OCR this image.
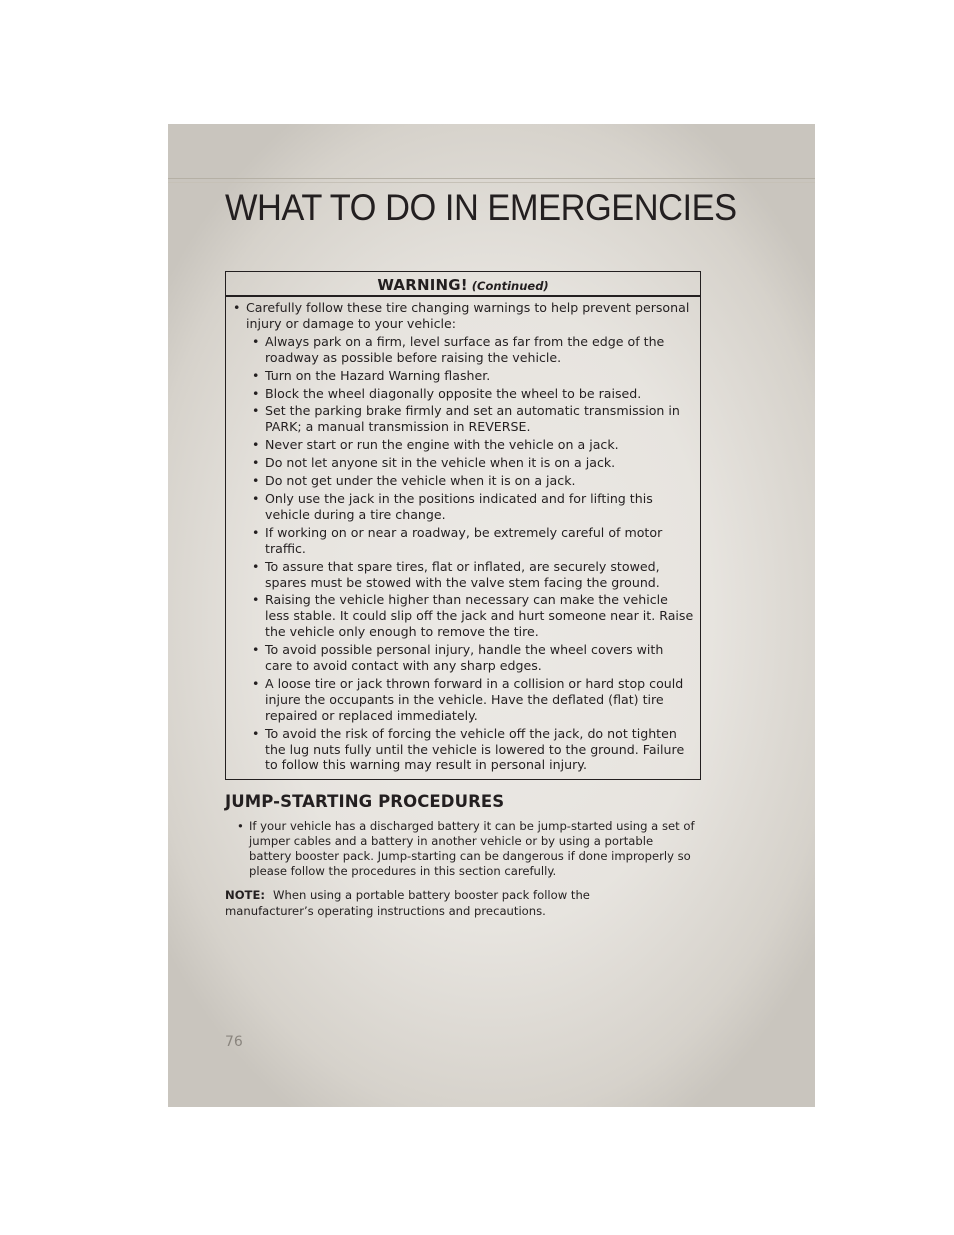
WHAT TO DO IN EMERGENCIES
WARNING! (Continued)
• Carefully follow these tire changing warnings to help prevent personal injury or damage to your vehicle:
• Always park on a firm, level surface as far from the edge of the roadway as possible before raising the vehicle.
• Turn on the Hazard Warning flasher.
• Block the wheel diagonally opposite the wheel to be raised.
• Set the parking brake firmly and set an automatic transmission in PARK; a manual transmission in REVERSE.
• Never start or run the engine with the vehicle on a jack.
• Do not let anyone sit in the vehicle when it is on a jack.
• Do not get under the vehicle when it is on a jack.
• Only use the jack in the positions indicated and for lifting this vehicle during a tire change.
• If working on or near a roadway, be extremely careful of motor traffic.
• To assure that spare tires, flat or inflated, are securely stowed, spares must be stowed with the valve stem facing the ground.
• Raising the vehicle higher than necessary can make the vehicle less stable. It could slip off the jack and hurt someone near it. Raise the vehicle only enough to remove the tire.
• To avoid possible personal injury, handle the wheel covers with care to avoid contact with any sharp edges.
• A loose tire or jack thrown forward in a collision or hard stop could injure the occupants in the vehicle. Have the deflated (flat) tire repaired or replaced immediately.
• To avoid the risk of forcing the vehicle off the jack, do not tighten the lug nuts fully until the vehicle is lowered to the ground. Failure to follow this warning may result in personal injury.
JUMP-STARTING PROCEDURES
• If your vehicle has a discharged battery it can be jump-started using a set of jumper cables and a battery in another vehicle or by using a portable battery booster pack. Jump-starting can be dangerous if done improperly so please follow the procedures in this section carefully.
NOTE: When using a portable battery booster pack follow the manufacturer’s operating instructions and precautions.
76
